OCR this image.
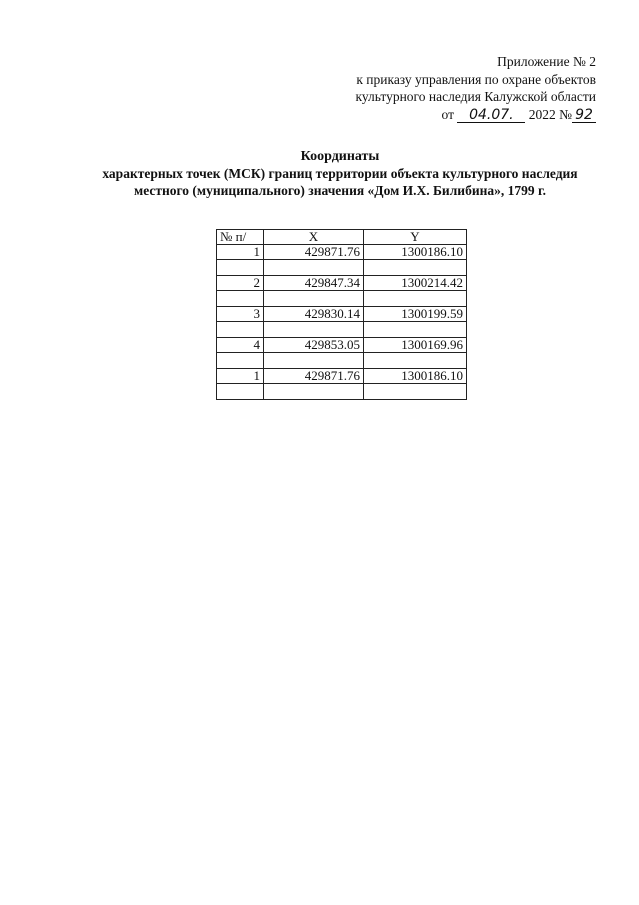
Приложение № 2
к приказу управления по охране объектов
культурного наследия Калужской области
от 04.07. 2022 № 92
Координаты
характерных точек (МСК) границ территории объекта культурного наследия
местного (муниципального) значения «Дом И.Х. Билибина», 1799 г.
№ п/	X	Y
1	429871.76	1300186.10

2	429847.34	1300214.42

3	429830.14	1300199.59

4	429853.05	1300169.96

1	429871.76	1300186.10
